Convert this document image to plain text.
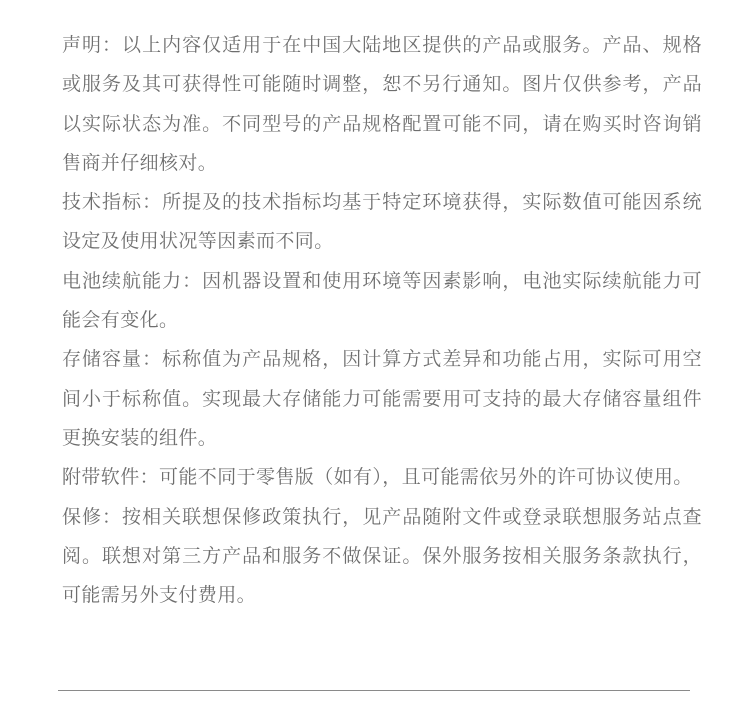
声明：以上内容仅适用于在中国大陆地区提供的产品或服务。产品、规格或服务及其可获得性可能随时调整，恕不另行通知。图片仅供参考，产品以实际状态为准。不同型号的产品规格配置可能不同，请在购买时咨询销售商并仔细核对。

技术指标：所提及的技术指标均基于特定环境获得，实际数值可能因系统设定及使用状况等因素而不同。

电池续航能力：因机器设置和使用环境等因素影响，电池实际续航能力可能会有变化。

存储容量：标称值为产品规格，因计算方式差异和功能占用，实际可用空间小于标称值。实现最大存储能力可能需要用可支持的最大存储容量组件更换安装的组件。

附带软件：可能不同于零售版（如有），且可能需依另外的许可协议使用。

保修：按相关联想保修政策执行，见产品随附文件或登录联想服务站点查阅。联想对第三方产品和服务不做保证。保外服务按相关服务条款执行，可能需另外支付费用。
